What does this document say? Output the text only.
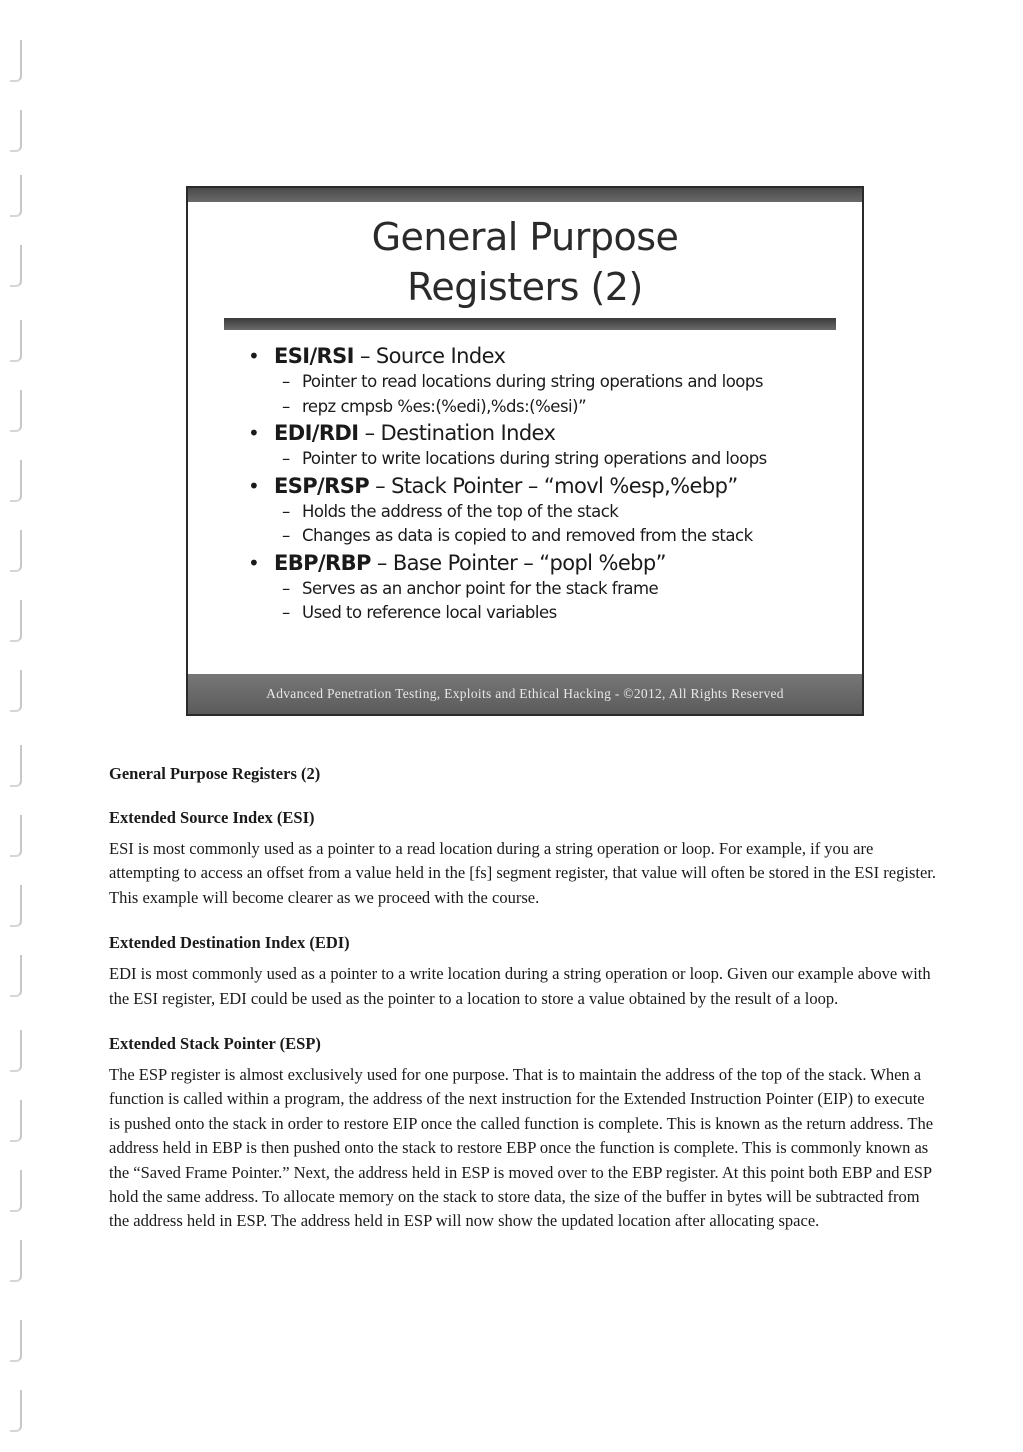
General Purpose
Registers (2)
• ESI/RSI – Source Index
– Pointer to read locations during string operations and loops
– repz cmpsb %es:(%edi),%ds:(%esi)”
• EDI/RDI – Destination Index
– Pointer to write locations during string operations and loops
• ESP/RSP – Stack Pointer – “movl %esp,%ebp”
– Holds the address of the top of the stack
– Changes as data is copied to and removed from the stack
• EBP/RBP – Base Pointer – “popl %ebp”
– Serves as an anchor point for the stack frame
– Used to reference local variables
Advanced Penetration Testing, Exploits and Ethical Hacking - ©2012, All Rights Reserved
General Purpose Registers (2)
Extended Source Index (ESI)

ESI is most commonly used as a pointer to a read location during a string operation or loop. For example, if you are attempting to access an offset from a value held in the [fs] segment register, that value will often be stored in the ESI register. This example will become clearer as we proceed with the course.

Extended Destination Index (EDI)

EDI is most commonly used as a pointer to a write location during a string operation or loop. Given our example above with the ESI register, EDI could be used as the pointer to a location to store a value obtained by the result of a loop.

Extended Stack Pointer (ESP)

The ESP register is almost exclusively used for one purpose. That is to maintain the address of the top of the stack. When a function is called within a program, the address of the next instruction for the Extended Instruction Pointer (EIP) to execute is pushed onto the stack in order to restore EIP once the called function is complete. This is known as the return address. The address held in EBP is then pushed onto the stack to restore EBP once the function is complete. This is commonly known as the “Saved Frame Pointer.” Next, the address held in ESP is moved over to the EBP register. At this point both EBP and ESP hold the same address. To allocate memory on the stack to store data, the size of the buffer in bytes will be subtracted from the address held in ESP. The address held in ESP will now show the updated location after allocating space.
